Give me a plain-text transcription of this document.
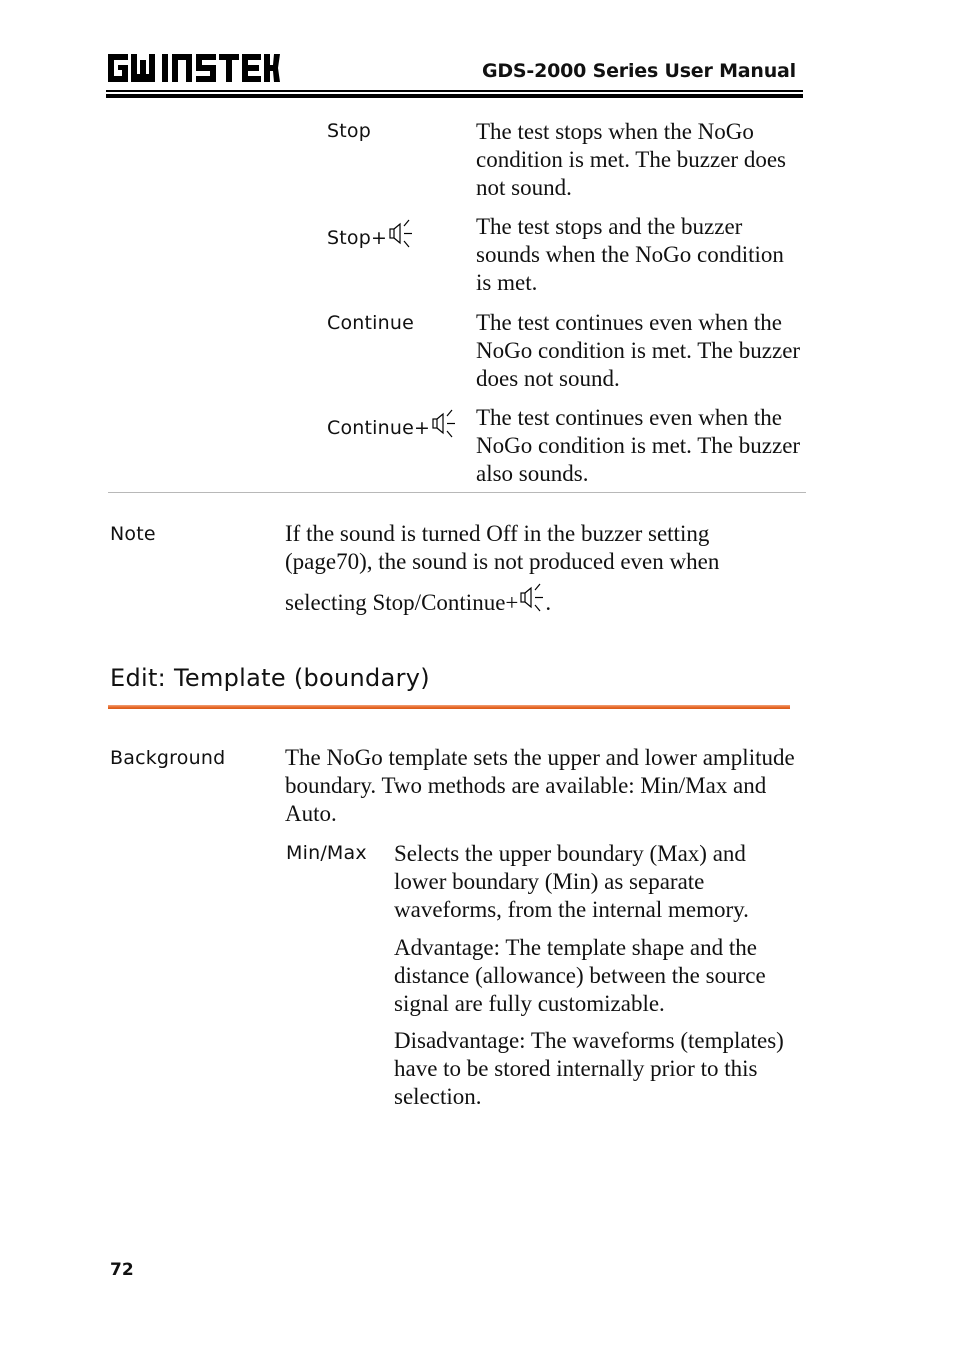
GDS-2000 Series User Manual
Stop	The test stops when the NoGo condition is met. The buzzer does not sound.
Stop+	The test stops and the buzzer sounds when the NoGo condition is met.
Continue	The test continues even when the NoGo condition is met. The buzzer does not sound.
Continue+	The test continues even when the NoGo condition is met. The buzzer also sounds.
Note	If the sound is turned Off in the buzzer setting
(page70), the sound is not produced even when
selecting Stop/Continue+ .
Edit: Template (boundary)
Background	The NoGo template sets the upper and lower amplitude boundary. Two methods are available: Min/Max and Auto.
Min/Max Selects the upper boundary (Max) and lower boundary (Min) as separate waveforms, from the internal memory.
Advantage: The template shape and the distance (allowance) between the source signal are fully customizable.
Disadvantage: The waveforms (templates) have to be stored internally prior to this selection.
72
